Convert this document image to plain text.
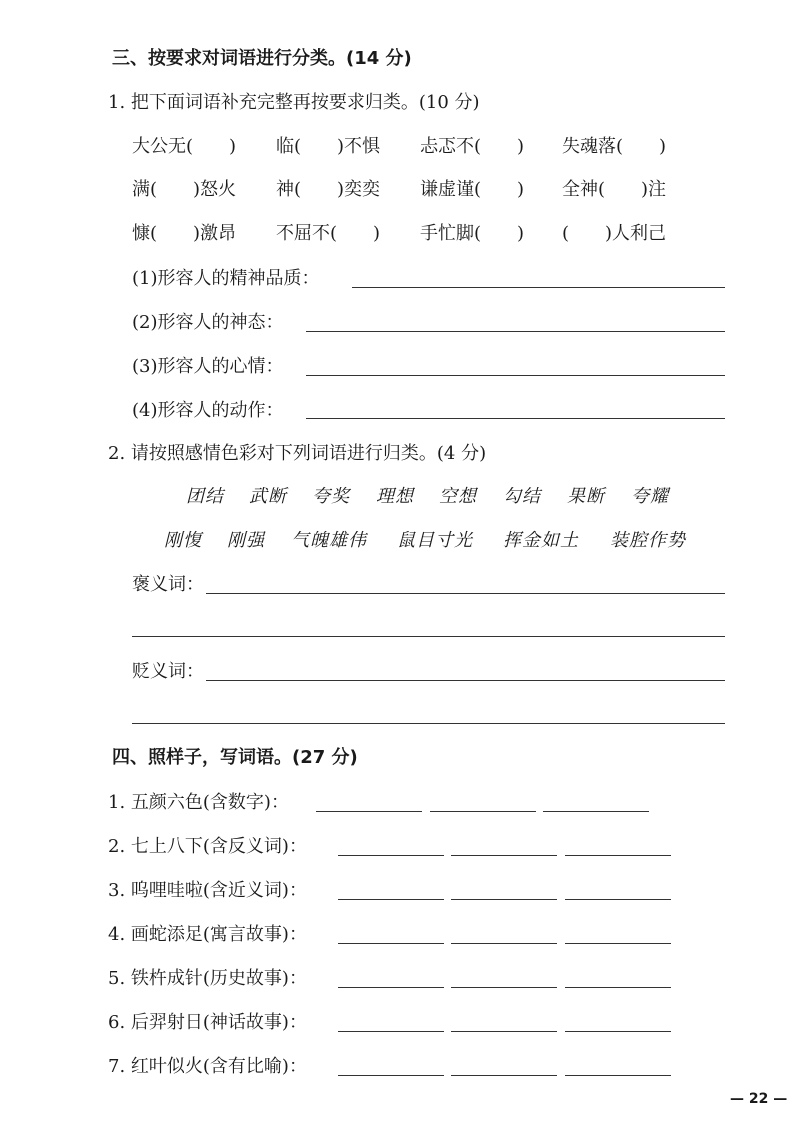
三、按要求对词语进行分类。(14 分)
1. 把下面词语补充完整再按要求归类。(10 分)
大公无(　　) 临(　　)不惧 忐忑不(　　) 失魂落(　　)
满(　　)怒火 神(　　)奕奕 谦虚谨(　　) 全神(　　)注
慷(　　)激昂 不屈不(　　) 手忙脚(　　) (　　)人利己
(1)形容人的精神品质：
(2)形容人的神态：
(3)形容人的心情：
(4)形容人的动作：
2. 请按照感情色彩对下列词语进行归类。(4 分)
团结 武断 夸奖 理想 空想 勾结 果断 夸耀
刚愎 刚强 气魄雄伟 鼠目寸光 挥金如土 装腔作势
褒义词：
贬义词：
四、照样子，写词语。(27 分)
1. 五颜六色(含数字)：
2. 七上八下(含反义词)：
3. 呜哩哇啦(含近义词)：
4. 画蛇添足(寓言故事)：
5. 铁杵成针(历史故事)：
6. 后羿射日(神话故事)：
7. 红叶似火(含有比喻)：
— 22 —
